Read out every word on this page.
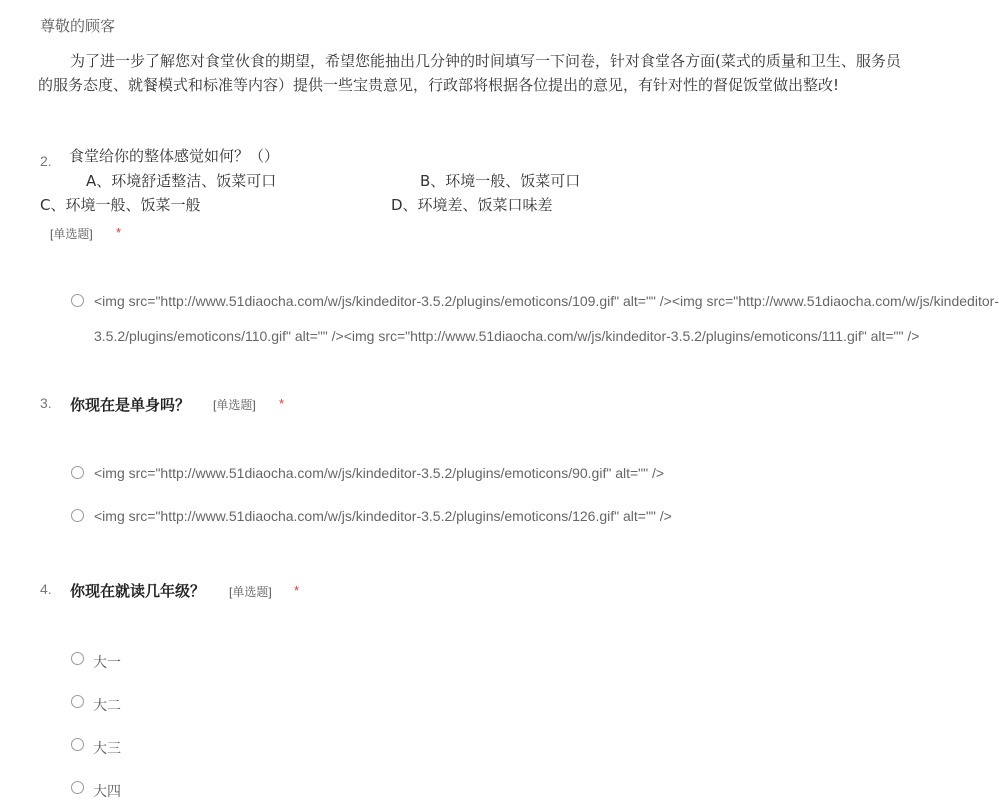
尊敬的顾客
为了进一步了解您对食堂伙食的期望，希望您能抽出几分钟的时间填写一下问卷，针对食堂各方面(菜式的质量和卫生、服务员的服务态度、就餐模式和标准等内容）提供一些宝贵意见，行政部将根据各位提出的意见，有针对性的督促饭堂做出整改!
2. 食堂给你的整体感觉如何？（）
A、环境舒适整洁、饭菜可口	B、环境一般、饭菜可口
C、环境一般、饭菜一般	D、环境差、饭菜口味差
[单选题] *
<img src="http://www.51diaocha.com/w/js/kindeditor-3.5.2/plugins/emoticons/109.gif" alt="" /><img src="http://www.51diaocha.com/w/js/kindeditor-
3.5.2/plugins/emoticons/110.gif" alt="" /><img src="http://www.51diaocha.com/w/js/kindeditor-3.5.2/plugins/emoticons/111.gif" alt="" />
3. 你现在是单身吗？ [单选题] *
<img src="http://www.51diaocha.com/w/js/kindeditor-3.5.2/plugins/emoticons/90.gif" alt="" />
<img src="http://www.51diaocha.com/w/js/kindeditor-3.5.2/plugins/emoticons/126.gif" alt="" />
4. 你现在就读几年级？ [单选题] *
大一
大二
大三
大四
